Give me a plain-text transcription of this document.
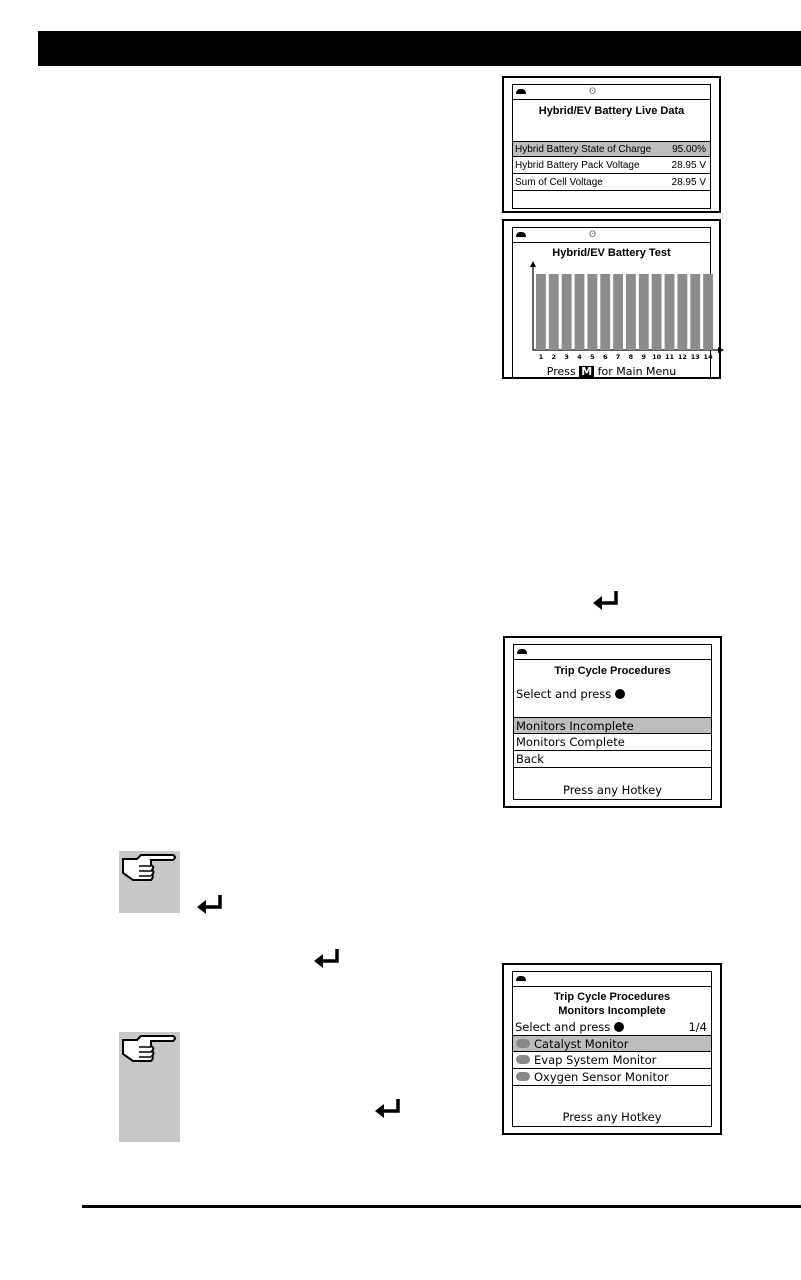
ʘ
Hybrid/EV Battery Live Data
Hybrid Battery State of Charge 95.00%
Hybrid Battery Pack Voltage	28.95 V
Sum of Cell Voltage	28.95 V
ʘ
Hybrid/EV Battery Test
1 2 3 4 5 6 7 8 9 10 11 12 13 14
Press M for Main Menu
Trip Cycle Procedures
Select and press
Monitors Incomplete
Monitors Complete
Back
Press any Hotkey
Trip Cycle Procedures
Monitors Incomplete
Select and press	1/4
Catalyst Monitor
Evap System Monitor
Oxygen Sensor Monitor
Press any Hotkey
